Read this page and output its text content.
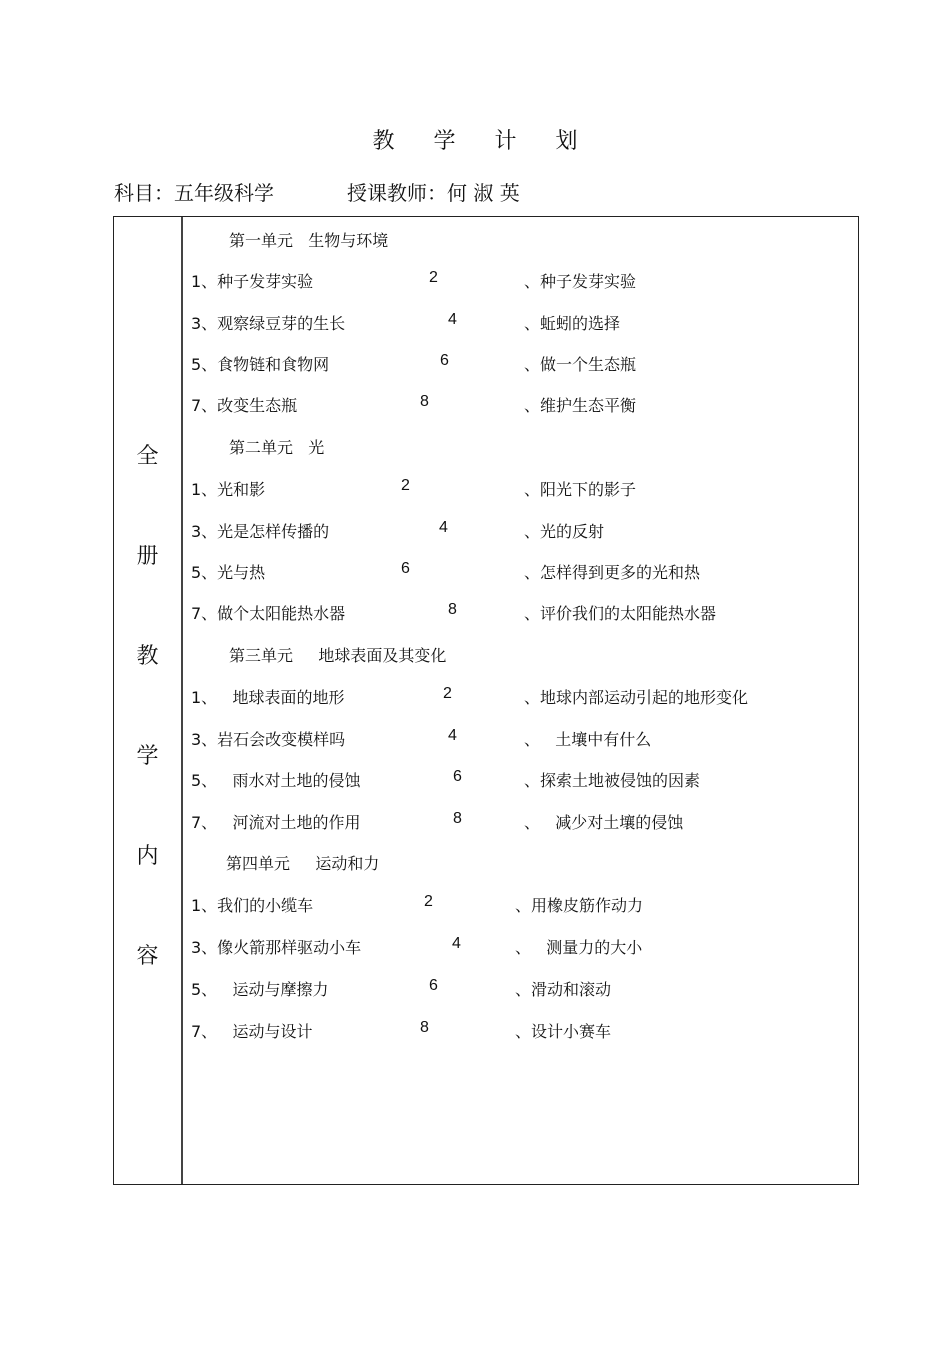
教 学 计 划
科目：五年级科学	授课教师：何 淑 英
全
册
教
学
内
容
第一单元   生物与环境
1、种子发芽实验	2	、种子发芽实验
3、观察绿豆芽的生长	4	、蚯蚓的选择
5、食物链和食物网	6	、做一个生态瓶
7、改变生态瓶	8	、维护生态平衡
第二单元   光
1、光和影	2	、阳光下的影子
3、光是怎样传播的	4	、光的反射
5、光与热	6	、怎样得到更多的光和热
7、做个太阳能热水器	8	、评价我们的太阳能热水器
第三单元     地球表面及其变化
1、   地球表面的地形	2	、地球内部运动引起的地形变化
3、岩石会改变模样吗	4	、   土壤中有什么
5、   雨水对土地的侵蚀	6	、探索土地被侵蚀的因素
7、   河流对土地的作用	8	、   减少对土壤的侵蚀
第四单元     运动和力
1、我们的小缆车	2	、用橡皮筋作动力
3、像火箭那样驱动小车	4	、   测量力的大小
5、   运动与摩擦力	6	、滑动和滚动
7、   运动与设计	8	、设计小赛车
